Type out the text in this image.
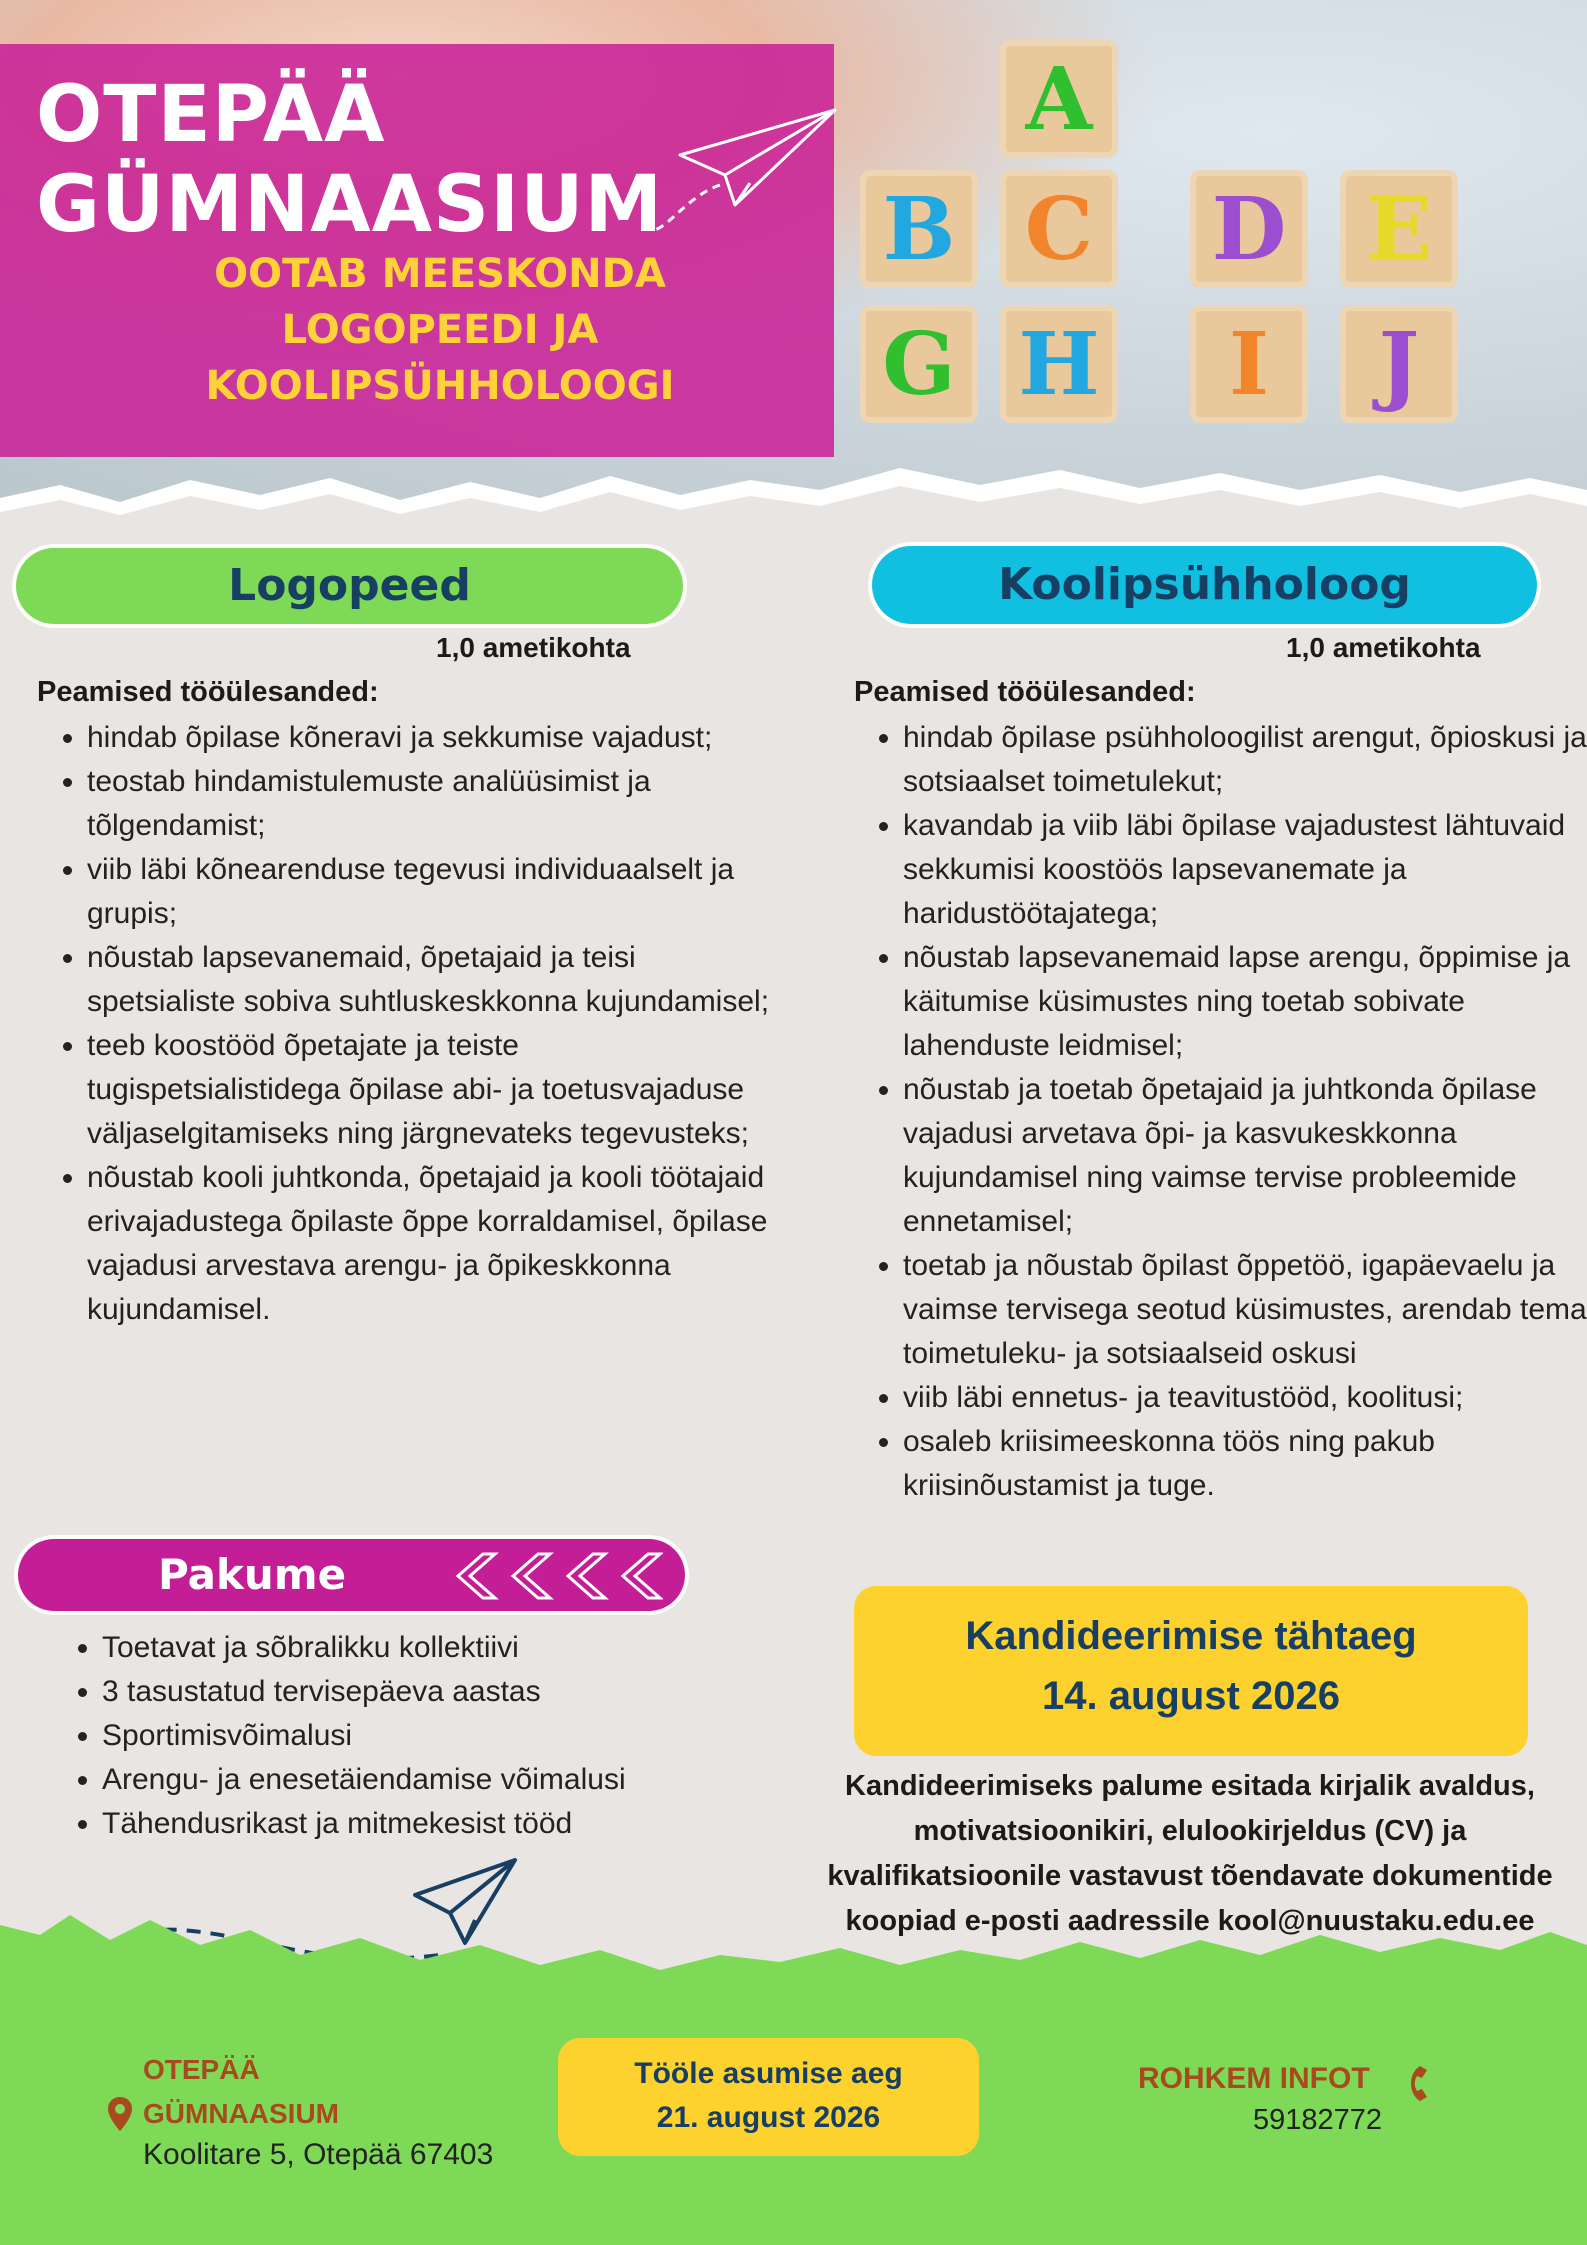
A
B C D E
G H	I	J
OTEPÄÄ
GÜMNAASIUM
OOTAB MEESKONDA
LOGOPEEDI JA
KOOLIPSÜHHOLOOGI
Logopeed
1,0 ametikohta
Peamised tööülesanded:
• hindab õpilase kõneravi ja sekkumise vajadust;
• teostab hindamistulemuste analüüsimist ja tõlgendamist;
• viib läbi kõnearenduse tegevusi individuaalselt ja grupis;
• nõustab lapsevanemaid, õpetajaid ja teisi spetsialiste sobiva suhtluskeskkonna kujundamisel;
• teeb koostööd õpetajate ja teiste tugispetsialistidega õpilase abi- ja toetusvajaduse väljaselgitamiseks ning järgnevateks tegevusteks;
• nõustab kooli juhtkonda, õpetajaid ja kooli töötajaid erivajadustega õpilaste õppe korraldamisel, õpilase vajadusi arvestava arengu- ja õpikeskkonna kujundamisel.
Pakume
• Toetavat ja sõbralikku kollektiivi
• 3 tasustatud tervisepäeva aastas
• Sportimisvõimalusi
• Arengu- ja enesetäiendamise võimalusi
• Tähendusrikast ja mitmekesist tööd
Koolipsühholoog
1,0 ametikohta
Peamised tööülesanded:
• hindab õpilase psühholoogilist arengut, õpioskusi ja sotsiaalset toimetulekut;
• kavandab ja viib läbi õpilase vajadustest lähtuvaid sekkumisi koostöös lapsevanemate ja haridustöötajatega;
• nõustab lapsevanemaid lapse arengu, õppimise ja käitumise küsimustes ning toetab sobivate lahenduste leidmisel;
• nõustab ja toetab õpetajaid ja juhtkonda õpilase vajadusi arvetava õpi- ja kasvukeskkonna kujundamisel ning vaimse tervise probleemide ennetamisel;
• toetab ja nõustab õpilast õppetöö, igapäevaelu ja vaimse tervisega seotud küsimustes, arendab tema toimetuleku- ja sotsiaalseid oskusi
• viib läbi ennetus- ja teavitustööd, koolitusi;
• osaleb kriisimeeskonna töös ning pakub kriisinõustamist ja tuge.
Kandideerimise tähtaeg
14. august 2026
Kandideerimiseks palume esitada kirjalik avaldus, motivatsioonikiri, elulookirjeldus (CV) ja kvalifikatsioonile vastavust tõendavate dokumentide koopiad e-posti aadressile kool@nuustaku.edu.ee
OTEPÄÄ
GÜMNAASIUM
Koolitare 5, Otepää 67403
Tööle asumise aeg
21. august 2026
ROHKEM INFOT
59182772
